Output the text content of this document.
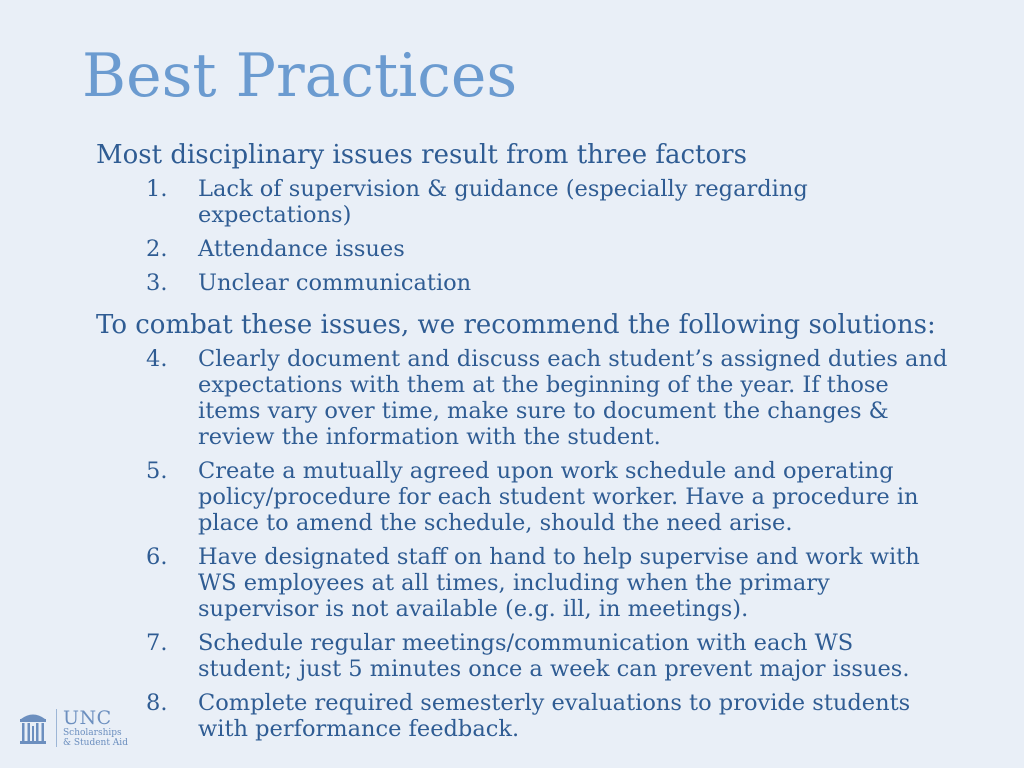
Best Practices

Most disciplinary issues result from three factors

1.	Lack of supervision & guidance (especially regarding expectations)
2.	Attendance issues
3.	Unclear communication

To combat these issues, we recommend the following solutions:

4.	Clearly document and discuss each student’s assigned duties and expectations with them at the beginning of the year. If those items vary over time, make sure to document the changes & review the information with the student.
5.	Create a mutually agreed upon work schedule and operating policy/procedure for each student worker. Have a procedure in place to amend the schedule, should the need arise.
6.	Have designated staff on hand to help supervise and work with WS employees at all times, including when the primary supervisor is not available (e.g. ill, in meetings).
7.	Schedule regular meetings/communication with each WS student; just 5 minutes once a week can prevent major issues.
8.	Complete required semesterly evaluations to provide students with performance feedback.
UNC
Scholarships
& Student Aid
